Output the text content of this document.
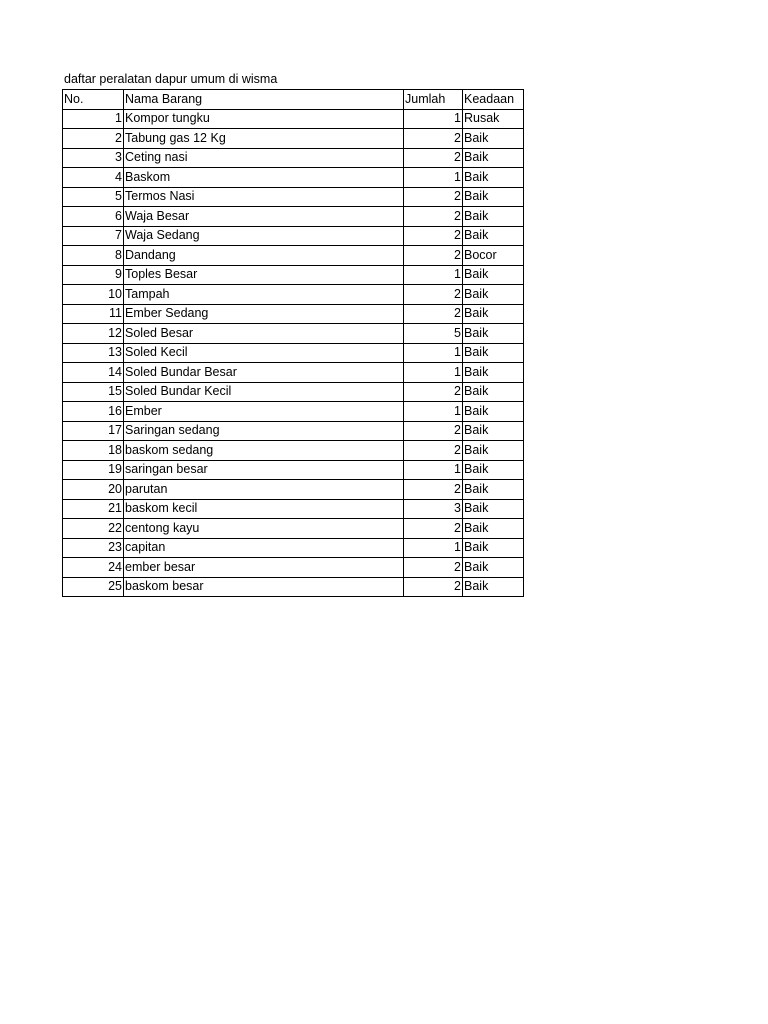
daftar peralatan dapur umum di wisma
No.	Nama Barang	Jumlah	Keadaan
1	Kompor tungku	1	Rusak
2	Tabung gas 12 Kg	2	Baik
3	Ceting nasi	2	Baik
4	Baskom	1	Baik
5	Termos Nasi	2	Baik
6	Waja Besar	2	Baik
7	Waja Sedang	2	Baik
8	Dandang	2	Bocor
9	Toples Besar	1	Baik
10	Tampah	2	Baik
11	Ember Sedang	2	Baik
12	Soled Besar	5	Baik
13	Soled Kecil	1	Baik
14	Soled Bundar Besar	1	Baik
15	Soled Bundar Kecil	2	Baik
16	Ember	1	Baik
17	Saringan sedang	2	Baik
18	baskom sedang	2	Baik
19	saringan besar	1	Baik
20	parutan	2	Baik
21	baskom kecil	3	Baik
22	centong kayu	2	Baik
23	capitan	1	Baik
24	ember besar	2	Baik
25	baskom besar	2	Baik
